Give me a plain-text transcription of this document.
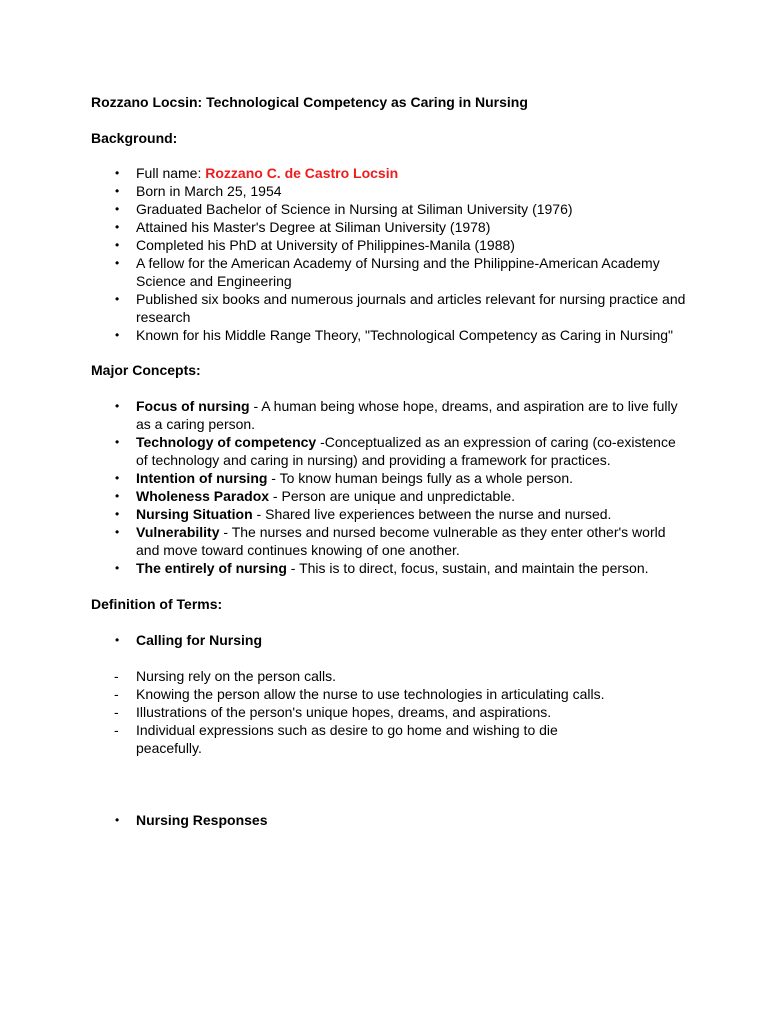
Rozzano Locsin: Technological Competency as Caring in Nursing

Background:

• Full name: Rozzano C. de Castro Locsin
• Born in March 25, 1954
• Graduated Bachelor of Science in Nursing at Siliman University (1976)
• Attained his Master's Degree at Siliman University (1978)
• Completed his PhD at University of Philippines-Manila (1988)
• A fellow for the American Academy of Nursing and the Philippine-American Academy Science and Engineering
• Published six books and numerous journals and articles relevant for nursing practice and research
• Known for his Middle Range Theory, "Technological Competency as Caring in Nursing"

Major Concepts:

• Focus of nursing - A human being whose hope, dreams, and aspiration are to live fully as a caring person.
• Technology of competency -Conceptualized as an expression of caring (co-existence of technology and caring in nursing) and providing a framework for practices.
• Intention of nursing - To know human beings fully as a whole person.
• Wholeness Paradox - Person are unique and unpredictable.
• Nursing Situation - Shared live experiences between the nurse and nursed.
• Vulnerability - The nurses and nursed become vulnerable as they enter other's world and move toward continues knowing of one another.
• The entirely of nursing - This is to direct, focus, sustain, and maintain the person.

Definition of Terms:

• Calling for Nursing
- Nursing rely on the person calls.
- Knowing the person allow the nurse to use technologies in articulating calls.
- Illustrations of the person's unique hopes, dreams, and aspirations.
- Individual expressions such as desire to go home and wishing to die peacefully.
• Nursing Responses
